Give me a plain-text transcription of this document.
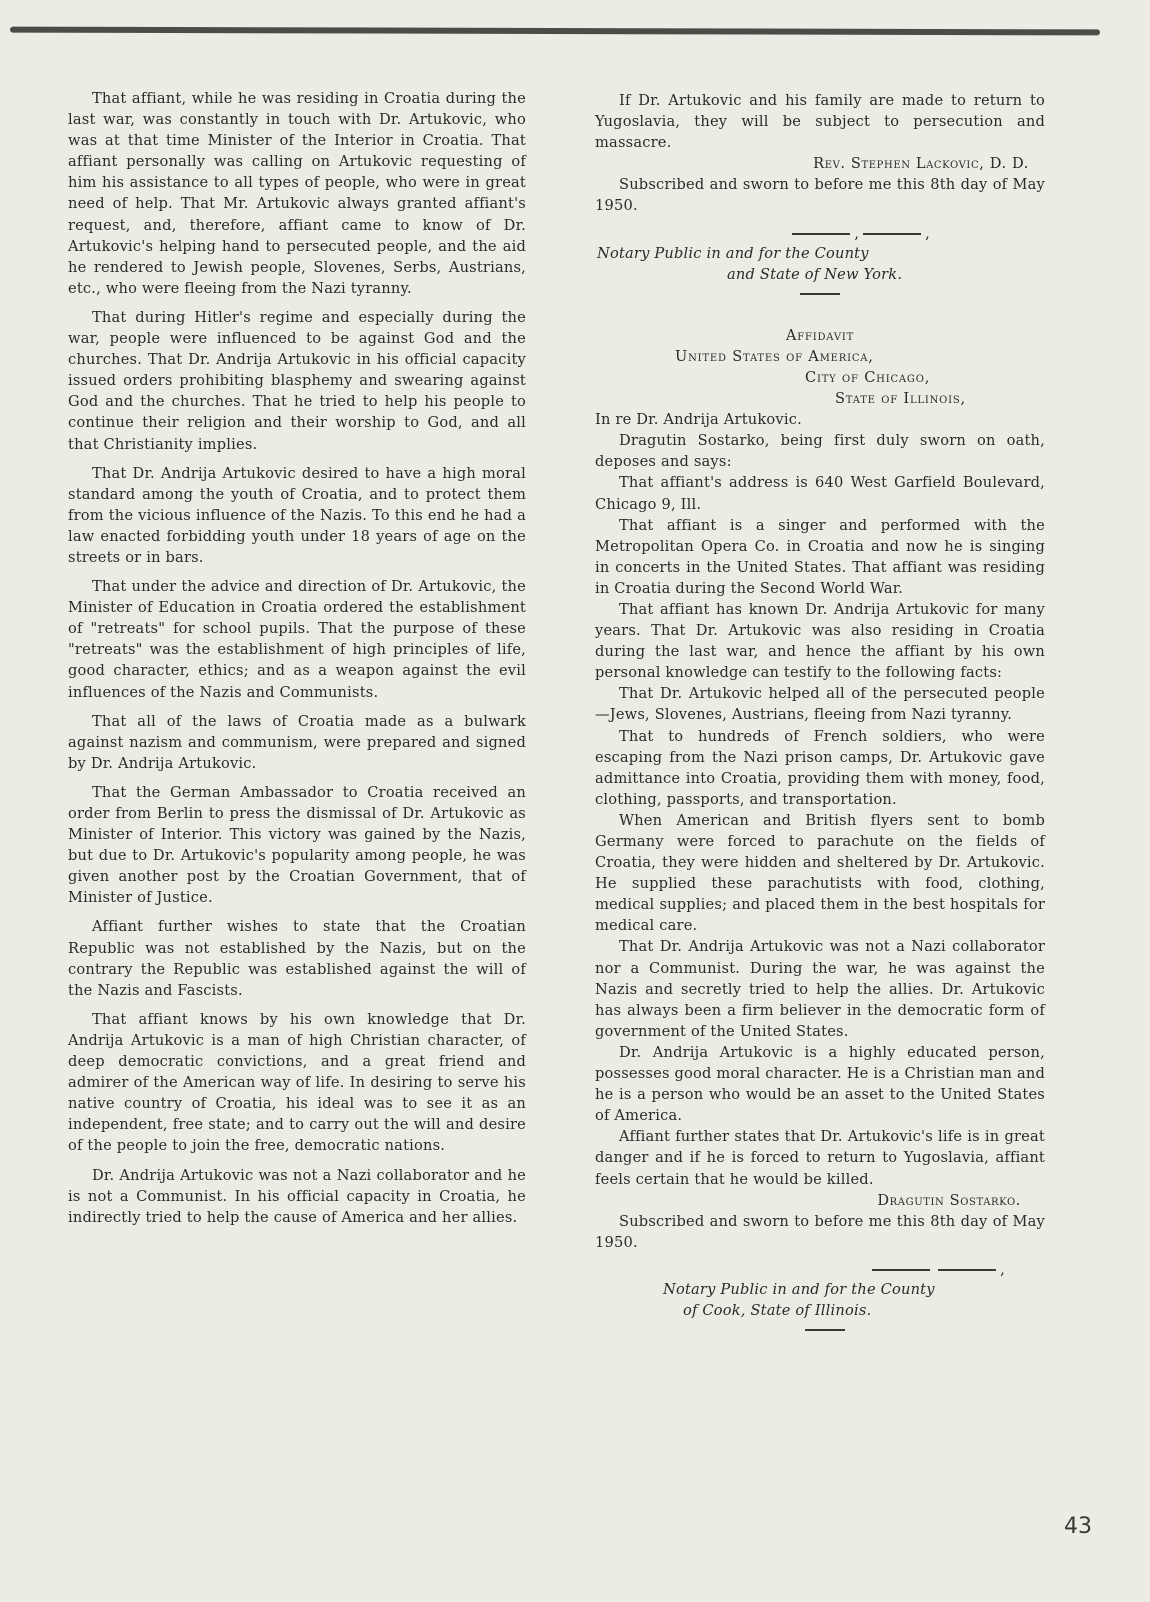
That affiant, while he was residing in Croatia during the last war, was constantly in touch with Dr. Artukovic, who was at that time Minister of the Interior in Croatia. That affiant personally was calling on Artukovic requesting of him his assistance to all types of people, who were in great need of help. That Mr. Artukovic always granted affiant's request, and, therefore, affiant came to know of Dr. Artukovic's helping hand to persecuted people, and the aid he rendered to Jewish people, Slovenes, Serbs, Austrians, etc., who were fleeing from the Nazi tyranny.

That during Hitler's regime and especially during the war, people were influenced to be against God and the churches. That Dr. Andrija Artukovic in his official capacity issued orders prohibiting blasphemy and swearing against God and the churches. That he tried to help his people to continue their religion and their worship to God, and all that Christianity implies.

That Dr. Andrija Artukovic desired to have a high moral standard among the youth of Croatia, and to protect them from the vicious influence of the Nazis. To this end he had a law enacted forbidding youth under 18 years of age on the streets or in bars.

That under the advice and direction of Dr. Artukovic, the Minister of Education in Croatia ordered the establishment of "retreats" for school pupils. That the purpose of these "retreats" was the establishment of high principles of life, good character, ethics; and as a weapon against the evil influences of the Nazis and Communists.

That all of the laws of Croatia made as a bulwark against nazism and communism, were prepared and signed by Dr. Andrija Artukovic.

That the German Ambassador to Croatia received an order from Berlin to press the dismissal of Dr. Artukovic as Minister of Interior. This victory was gained by the Nazis, but due to Dr. Artukovic's popularity among people, he was given another post by the Croatian Government, that of Minister of Justice.

Affiant further wishes to state that the Croatian Republic was not established by the Nazis, but on the contrary the Republic was established against the will of the Nazis and Fascists.

That affiant knows by his own knowledge that Dr. Andrija Artukovic is a man of high Christian character, of deep democratic convictions, and a great friend and admirer of the American way of life. In desiring to serve his native country of Croatia, his ideal was to see it as an independent, free state; and to carry out the will and desire of the people to join the free, democratic nations.

Dr. Andrija Artukovic was not a Nazi collaborator and he is not a Communist. In his official capacity in Croatia, he indirectly tried to help the cause of America and her allies.

If Dr. Artukovic and his family are made to return to Yugoslavia, they will be subject to persecution and massacre.

Rev. Stephen Lackovic, D. D.

Subscribed and sworn to before me this 8th day of May 1950.

,	,

Notary Public in and for the County

and State of New York.

Affidavit

United States of America,

City of Chicago,

State of Illinois,

In re Dr. Andrija Artukovic.

Dragutin Sostarko, being first duly sworn on oath, deposes and says:

That affiant's address is 640 West Garfield Boulevard, Chicago 9, Ill.

That affiant is a singer and performed with the Metropolitan Opera Co. in Croatia and now he is singing in concerts in the United States. That affiant was residing in Croatia during the Second World War.

That affiant has known Dr. Andrija Artukovic for many years. That Dr. Artukovic was also residing in Croatia during the last war, and hence the affiant by his own personal knowledge can testify to the following facts:

That Dr. Artukovic helped all of the persecuted people—Jews, Slovenes, Austrians, fleeing from Nazi tyranny.

That to hundreds of French soldiers, who were escaping from the Nazi prison camps, Dr. Artukovic gave admittance into Croatia, providing them with money, food, clothing, passports, and transportation.

When American and British flyers sent to bomb Germany were forced to parachute on the fields of Croatia, they were hidden and sheltered by Dr. Artukovic. He supplied these parachutists with food, clothing, medical supplies; and placed them in the best hospitals for medical care.

That Dr. Andrija Artukovic was not a Nazi collaborator nor a Communist. During the war, he was against the Nazis and secretly tried to help the allies. Dr. Artukovic has always been a firm believer in the democratic form of government of the United States.

Dr. Andrija Artukovic is a highly educated person, possesses good moral character. He is a Christian man and he is a person who would be an asset to the United States of America.

Affiant further states that Dr. Artukovic's life is in great danger and if he is forced to return to Yugoslavia, affiant feels certain that he would be killed.

Dragutin Sostarko.

Subscribed and sworn to before me this 8th day of May 1950.

,

Notary Public in and for the County

of Cook, State of Illinois.

43
